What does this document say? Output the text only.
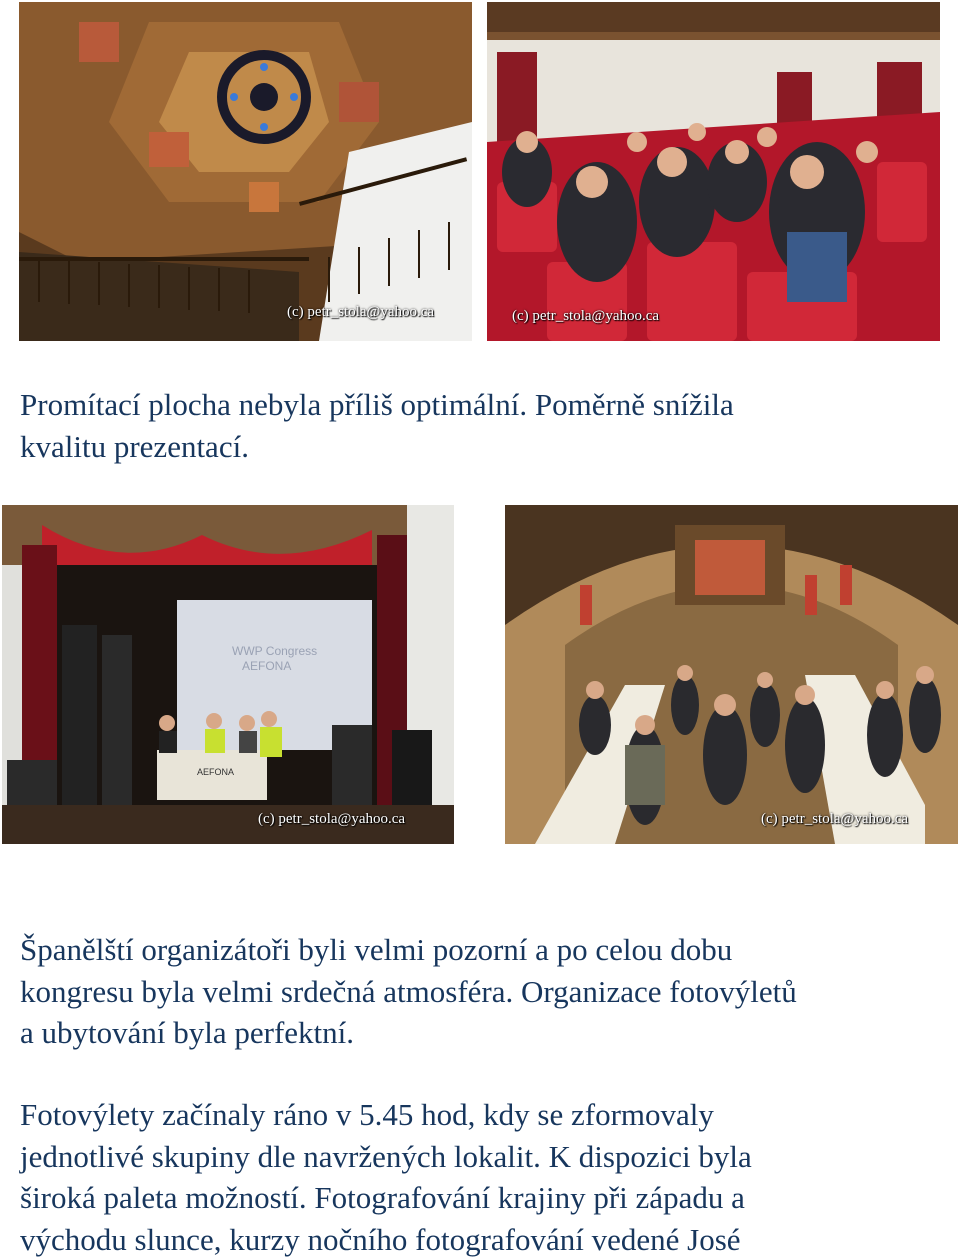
(c) petr_stola@yahoo.ca	(c) petr_stola@yahoo.ca

Promítací plocha nebyla příliš optimální. Poměrně snížila
kvalitu prezentací.

WWP Congress
AEFONA
AEFONA
(c) petr_stola@yahoo.ca	(c) petr_stola@yahoo.ca

Španělští organizátoři byli velmi pozorní a po celou dobu
kongresu byla velmi srdečná atmosféra. Organizace fotovýletů
a ubytování byla perfektní.

Fotovýlety začínaly ráno v 5.45 hod, kdy se zformovaly
jednotlivé skupiny dle navržených lokalit. K dispozici byla
široká paleta možností. Fotografování krajiny při západu a
východu slunce, kurzy nočního fotografování vedené José
